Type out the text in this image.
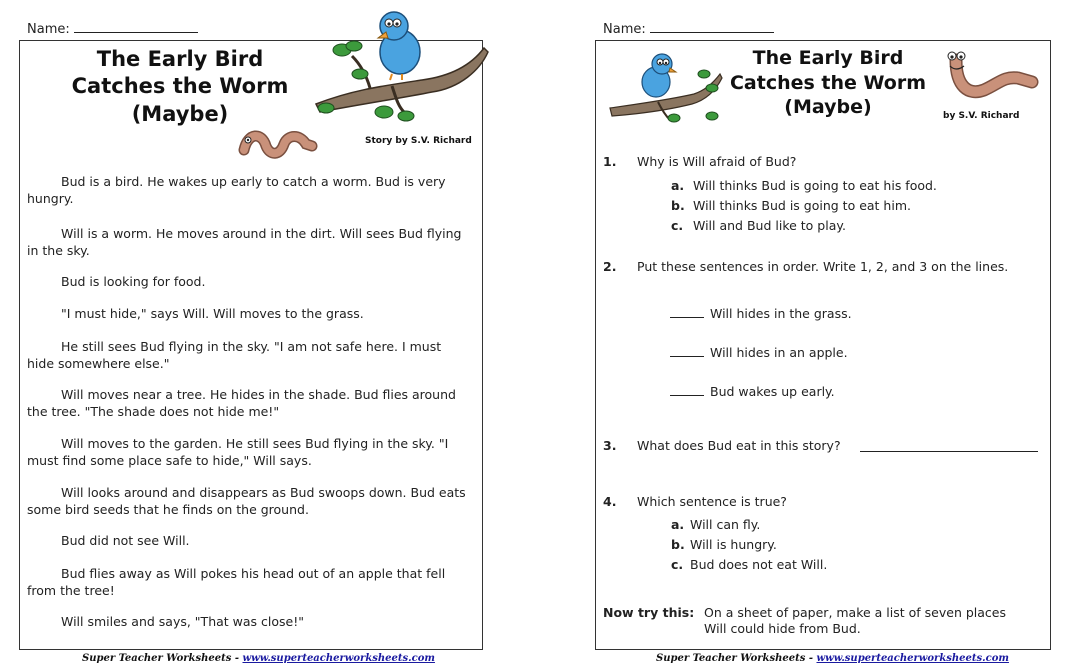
Name:
The Early Bird
Catches the Worm
(Maybe)
Story by S.V. Richard

Bud is a bird. He wakes up early to catch a worm. Bud is very hungry.

Will is a worm. He moves around in the dirt. Will sees Bud flying in the sky.

Bud is looking for food.

"I must hide," says Will. Will moves to the grass.

He still sees Bud flying in the sky. "I am not safe here. I must hide somewhere else."

Will moves near a tree. He hides in the shade. Bud flies around the tree. "The shade does not hide me!"

Will moves to the garden. He still sees Bud flying in the sky. "I must find some place safe to hide," Will says.

Will looks around and disappears as Bud swoops down. Bud eats some bird seeds that he finds on the ground.

Bud did not see Will.

Bud flies away as Will pokes his head out of an apple that fell from the tree!

Will smiles and says, "That was close!"

Super Teacher Worksheets - www.superteacherworksheets.com
Name:
The Early Bird
Catches the Worm
(Maybe)	by S.V. Richard
1. Why is Will afraid of Bud?
a. Will thinks Bud is going to eat his food.
b. Will thinks Bud is going to eat him.
c. Will and Bud like to play.
2. Put these sentences in order. Write 1, 2, and 3 on the lines.
Will hides in the grass.
Will hides in an apple.
Bud wakes up early.
3. What does Bud eat in this story?
4. Which sentence is true?
a. Will can fly.
b. Will is hungry.
c. Bud does not eat Will.
Now try this: On a sheet of paper, make a list of seven places
Will could hide from Bud.
Super Teacher Worksheets - www.superteacherworksheets.com
